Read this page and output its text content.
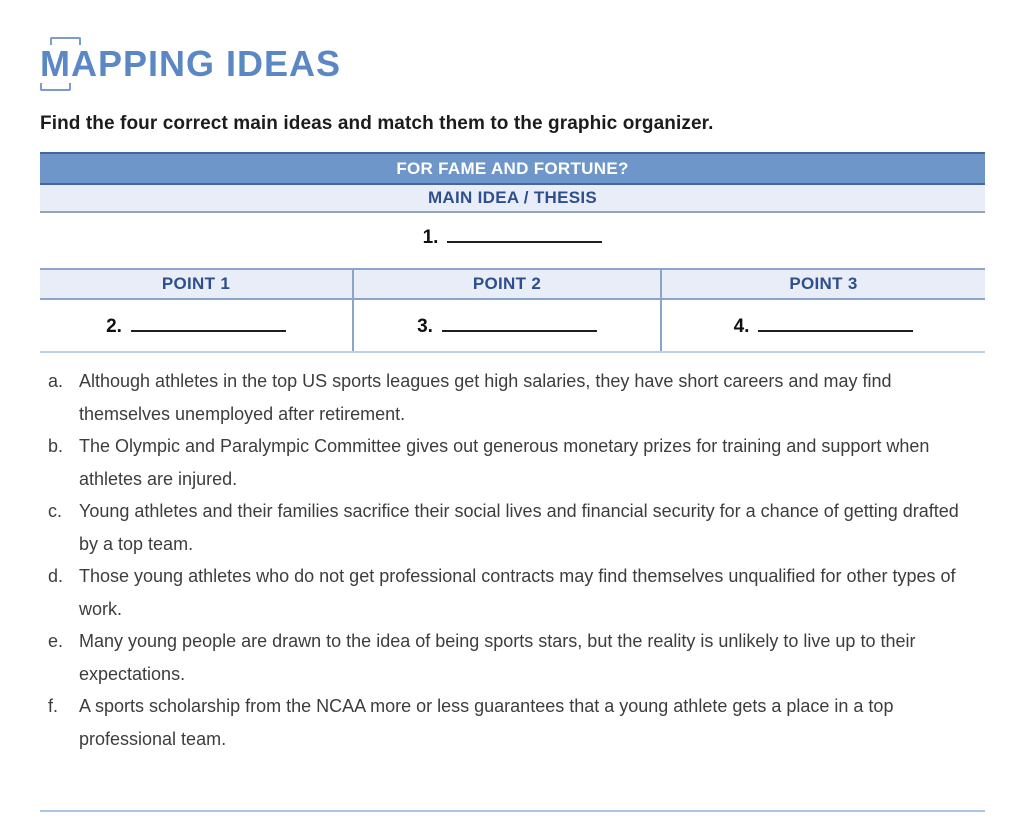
MAPPING IDEAS

Find the four correct main ideas and match them to the graphic organizer.

FOR FAME AND FORTUNE?
MAIN IDEA / THESIS
1.
POINT 1	POINT 2	POINT 3
2.	3.	4.
a. Although athletes in the top US sports leagues get high salaries, they have short careers and may find themselves unemployed after retirement.
b. The Olympic and Paralympic Committee gives out generous monetary prizes for training and support when athletes are injured.
c. Young athletes and their families sacrifice their social lives and financial security for a chance of getting drafted by a top team.
d. Those young athletes who do not get professional contracts may find themselves unqualified for other types of work.
e. Many young people are drawn to the idea of being sports stars, but the reality is unlikely to live up to their expectations.
f.	A sports scholarship from the NCAA more or less guarantees that a young athlete gets a place in a top professional team.
